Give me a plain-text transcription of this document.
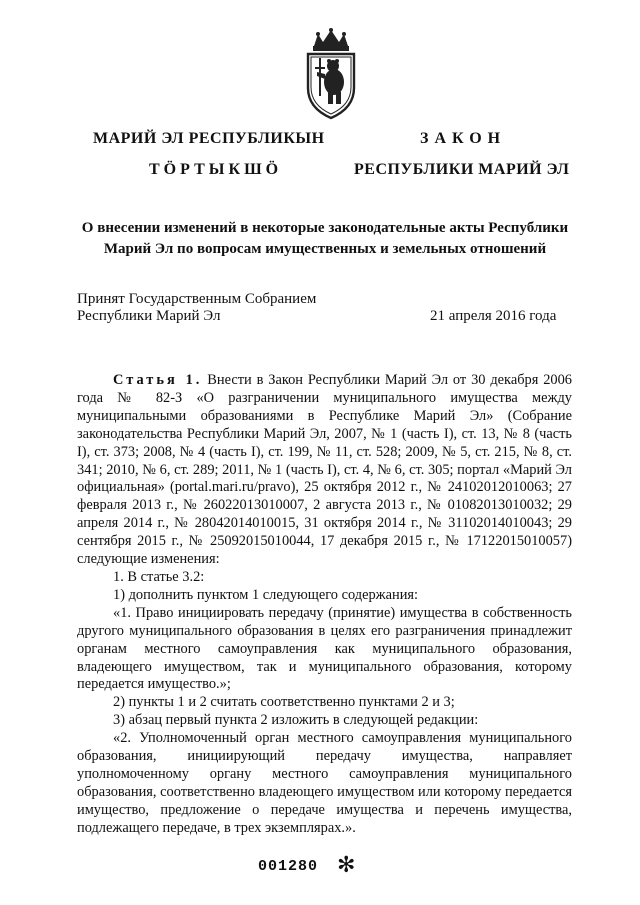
МАРИЙ ЭЛ РЕСПУБЛИКЫН
ТӦРТЫКШӦ
ЗАКОН
РЕСПУБЛИКИ МАРИЙ ЭЛ
О внесении изменений в некоторые законодательные акты Республики
Марий Эл по вопросам имущественных и земельных отношений
Принят Государственным Собранием
Республики Марий Эл	21 апреля 2016 года

Статья 1. Внести в Закон Республики Марий Эл от 30 декабря 2006 года № 82-З «О разграничении муниципального имущества между муниципальными образованиями в Республике Марий Эл» (Собрание законодательства Республики Марий Эл, 2007, № 1 (часть I), ст. 13, № 8 (часть I), ст. 373; 2008, № 4 (часть I), ст. 199, № 11, ст. 528; 2009, № 5, ст. 215, № 8, ст. 341; 2010, № 6, ст. 289; 2011, № 1 (часть I), ст. 4, № 6, ст. 305; портал «Марий Эл официальная» (portal.mari.ru/pravo), 25 октября 2012 г., № 24102012010063; 27 февраля 2013 г., № 26022013010007, 2 августа 2013 г., № 01082013010032; 29 апреля 2014 г., № 28042014010015, 31 октября 2014 г., № 31102014010043; 29 сентября 2015 г., № 25092015010044, 17 декабря 2015 г., № 17122015010057) следующие изменения:

1. В статье 3.2:

1) дополнить пунктом 1 следующего содержания:

«1. Право инициировать передачу (принятие) имущества в собственность другого муниципального образования в целях его разграничения принадлежит органам местного самоуправления как муниципального образования, владеющего имуществом, так и муниципального образования, которому передается имущество.»;

2) пункты 1 и 2 считать соответственно пунктами 2 и 3;

3) абзац первый пункта 2 изложить в следующей редакции:

«2. Уполномоченный орган местного самоуправления муниципального образования, инициирующий передачу имущества, направляет уполномоченному органу местного самоуправления муниципального образования, соответственно владеющего имуществом или которому передается имущество, предложение о передаче имущества и перечень имущества, подлежащего передаче, в трех экземплярах.».

001280 ✻
